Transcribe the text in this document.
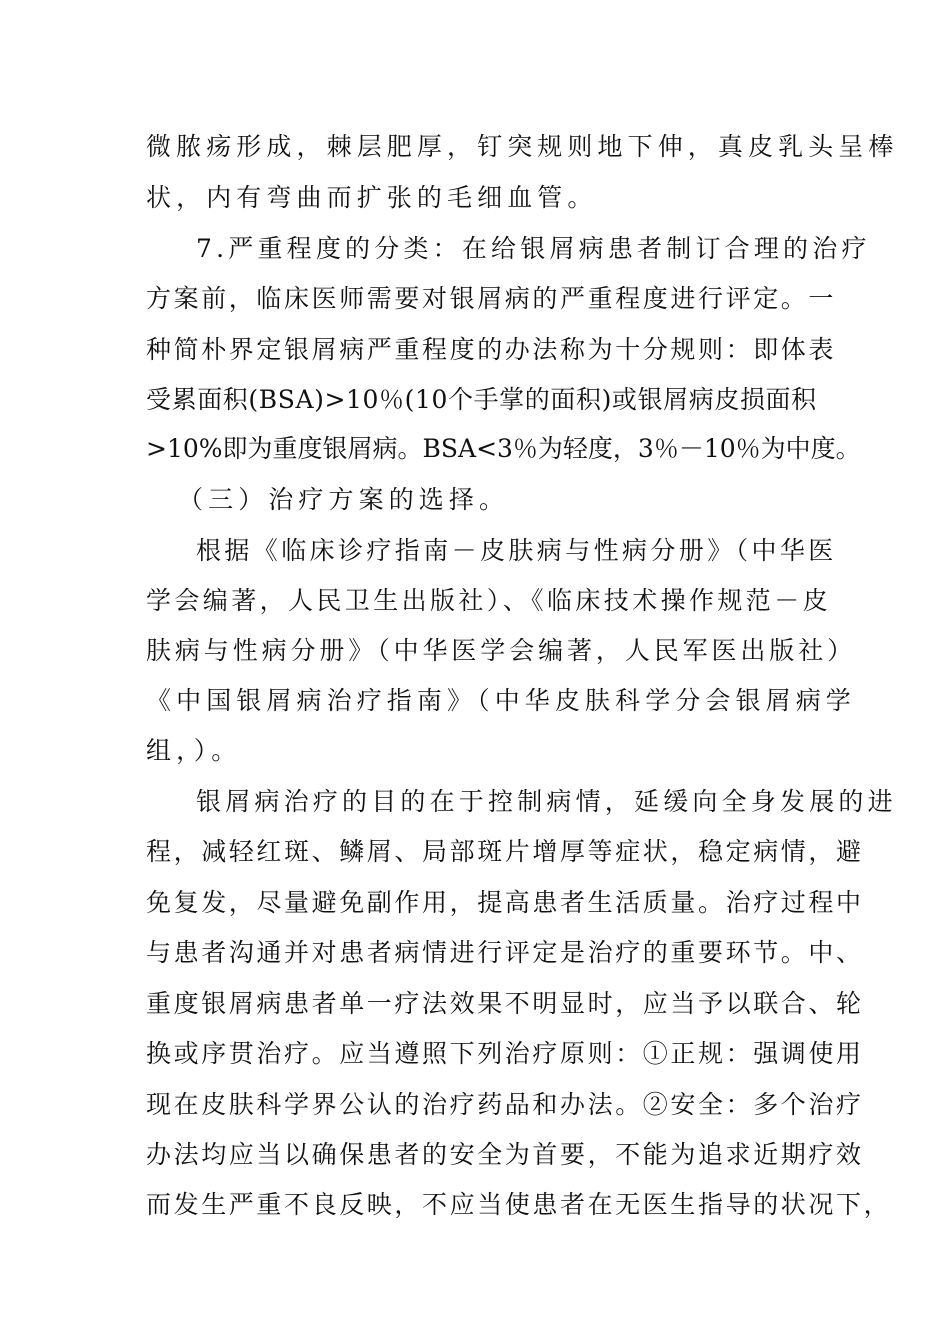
微脓疡形成，棘层肥厚，钉突规则地下伸，真皮乳头呈棒
状，内有弯曲而扩张的毛细血管。
7.严重程度的分类：在给银屑病患者制订合理的治疗
方案前，临床医师需要对银屑病的严重程度进行评定。一
种简朴界定银屑病严重程度的办法称为十分规则：即体表
受累面积(BSA)>10％(10个手掌的面积)或银屑病皮损面积
>10%即为重度银屑病。BSA<3％为轻度，3％－10％为中度。
（三）治疗方案的选择。
根据《临床诊疗指南－皮肤病与性病分册》（中华医
学会编著，人民卫生出版社）、《临床技术操作规范－皮
肤病与性病分册》（中华医学会编著，人民军医出版社）
《中国银屑病治疗指南》（中华皮肤科学分会银屑病学
组，）。
银屑病治疗的目的在于控制病情，延缓向全身发展的进
程，减轻红斑、鳞屑、局部斑片增厚等症状，稳定病情，避
免复发，尽量避免副作用，提高患者生活质量。治疗过程中
与患者沟通并对患者病情进行评定是治疗的重要环节。中、
重度银屑病患者单一疗法效果不明显时，应当予以联合、轮
换或序贯治疗。应当遵照下列治疗原则：①正规：强调使用
现在皮肤科学界公认的治疗药品和办法。②安全：多个治疗
办法均应当以确保患者的安全为首要，不能为追求近期疗效
而发生严重不良反映，不应当使患者在无医生指导的状况下，
